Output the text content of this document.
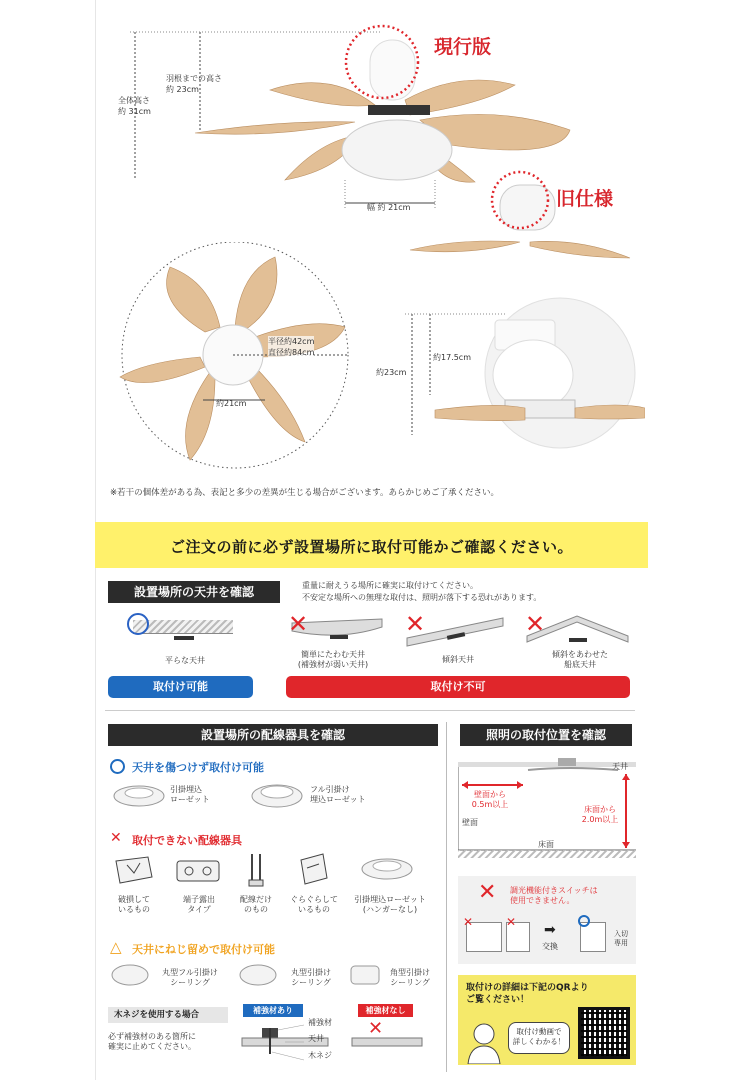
現行版
旧仕様
全体高さ
約 31cm
羽根までの高さ
約 23cm
幅 約 21cm
半径約42cm
直径約84cm
約21cm
約23cm
約17.5cm
※若干の個体差がある為、表記と多少の差異が生じる場合がございます。あらかじめご了承ください。
ご注文の前に必ず設置場所に取付可能かご確認ください。
設置場所の天井を確認	重量に耐えうる場所に確実に取付けてください。
不安定な場所への無理な取付は、照明が落下する恐れがあります。
平らな天井
✕
簡単にたわむ天井
(補強材が弱い天井)
✕
傾斜天井
✕
傾斜をあわせた
船底天井
取付け可能	取付け不可
設置場所の配線器具を確認
天井を傷つけず取付け可能
引掛埋込
ローゼット
フル引掛け
埋込ローゼット
✕ 取付できない配線器具
破損して
いるもの
端子露出
タイプ
配線だけ
のもの
ぐらぐらして
いるもの
引掛埋込ローゼット
(ハンガーなし)
△ 天井にねじ留めで取付け可能
丸型フル引掛け
シーリング
丸型引掛け
シーリング
角型引掛け
シーリング
木ネジを使用する場合
必ず補強材のある箇所に
確実に止めてください。
補強材あり
補強材
天井
木ネジ
補強材なし
✕
照明の取付位置を確認
天井
壁面から
0.5m以上
床面から
2.0m以上
壁面
床面
✕ 調光機能付きスイッチは
使用できません。
✕	✕ ➡
交換
入切
専用
取付けの詳細は下記のQRより
ご覧ください！
取付け動画で
詳しくわかる！
